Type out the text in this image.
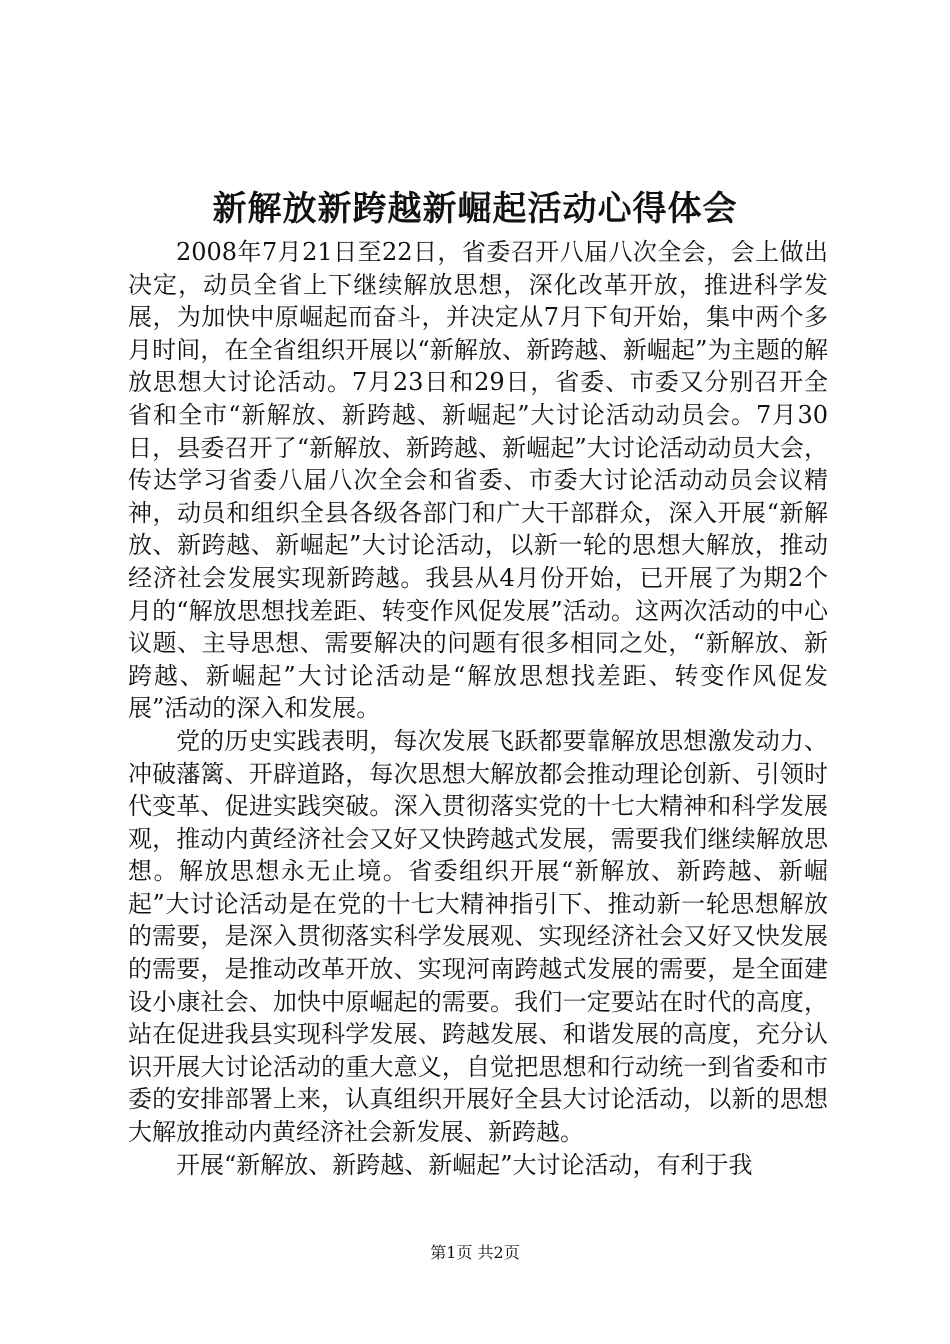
新解放新跨越新崛起活动心得体会

2008年7月21日至22日，省委召开八届八次全会，会上做出决定，动员全省上下继续解放思想，深化改革开放，推进科学发展，为加快中原崛起而奋斗，并决定从7月下旬开始，集中两个多月时间，在全省组织开展以“新解放、新跨越、新崛起”为主题的解放思想大讨论活动。7月23日和29日，省委、市委又分别召开全省和全市“新解放、新跨越、新崛起”大讨论活动动员会。7月30日，县委召开了“新解放、新跨越、新崛起”大讨论活动动员大会，传达学习省委八届八次全会和省委、市委大讨论活动动员会议精神，动员和组织全县各级各部门和广大干部群众，深入开展“新解放、新跨越、新崛起”大讨论活动，以新一轮的思想大解放，推动经济社会发展实现新跨越。我县从4月份开始，已开展了为期2个月的“解放思想找差距、转变作风促发展”活动。这两次活动的中心议题、主导思想、需要解决的问题有很多相同之处，“新解放、新跨越、新崛起”大讨论活动是“解放思想找差距、转变作风促发展”活动的深入和发展。

党的历史实践表明，每次发展飞跃都要靠解放思想激发动力、冲破藩篱、开辟道路，每次思想大解放都会推动理论创新、引领时代变革、促进实践突破。深入贯彻落实党的十七大精神和科学发展观，推动内黄经济社会又好又快跨越式发展，需要我们继续解放思想。解放思想永无止境。省委组织开展“新解放、新跨越、新崛起”大讨论活动是在党的十七大精神指引下、推动新一轮思想解放的需要，是深入贯彻落实科学发展观、实现经济社会又好又快发展的需要，是推动改革开放、实现河南跨越式发展的需要，是全面建设小康社会、加快中原崛起的需要。我们一定要站在时代的高度，站在促进我县实现科学发展、跨越发展、和谐发展的高度，充分认识开展大讨论活动的重大意义，自觉把思想和行动统一到省委和市委的安排部署上来，认真组织开展好全县大讨论活动，以新的思想大解放推动内黄经济社会新发展、新跨越。

开展“新解放、新跨越、新崛起”大讨论活动，有利于我

第1页 共2页
